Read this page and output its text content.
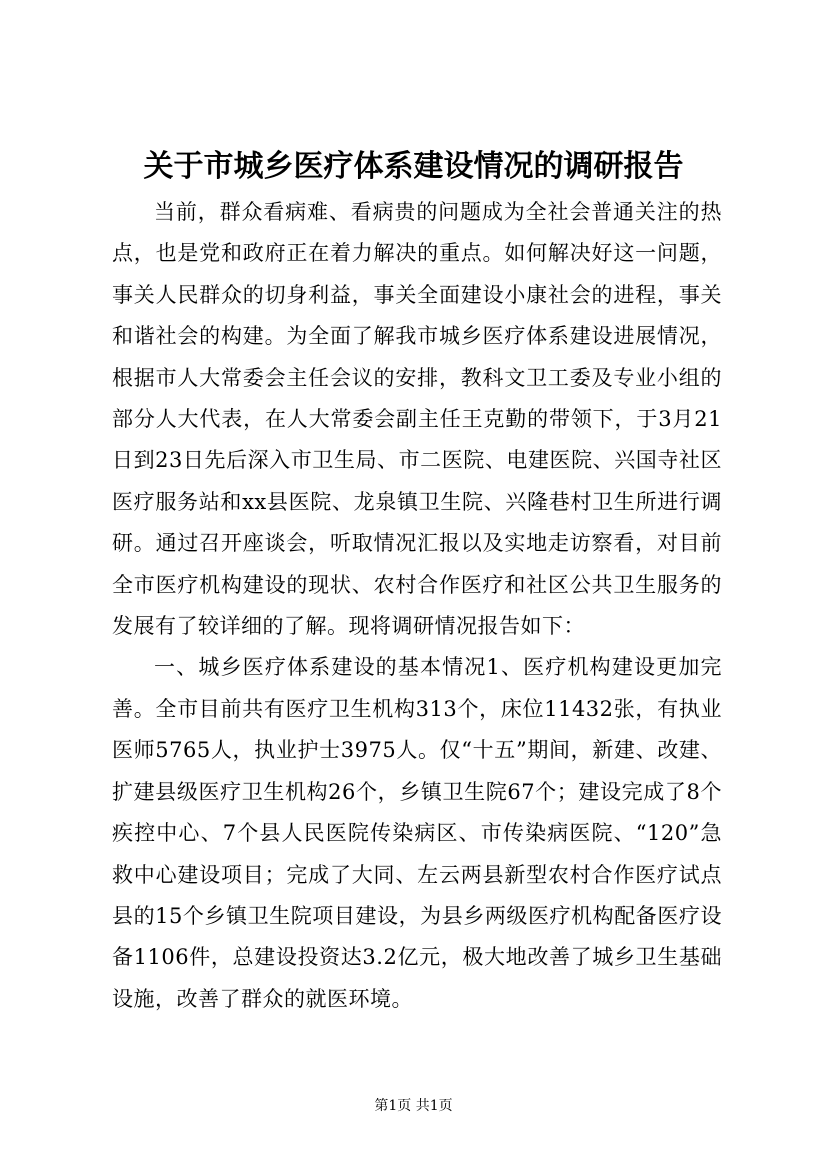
关于市城乡医疗体系建设情况的调研报告

当前，群众看病难、看病贵的问题成为全社会普通关注的热点，也是党和政府正在着力解决的重点。如何解决好这一问题，事关人民群众的切身利益，事关全面建设小康社会的进程，事关和谐社会的构建。为全面了解我市城乡医疗体系建设进展情况，根据市人大常委会主任会议的安排，教科文卫工委及专业小组的部分人大代表，在人大常委会副主任王克勤的带领下，于3月21日到23日先后深入市卫生局、市二医院、电建医院、兴国寺社区医疗服务站和xx县医院、龙泉镇卫生院、兴隆巷村卫生所进行调研。通过召开座谈会，听取情况汇报以及实地走访察看，对目前全市医疗机构建设的现状、农村合作医疗和社区公共卫生服务的发展有了较详细的了解。现将调研情况报告如下：

一、城乡医疗体系建设的基本情况1、医疗机构建设更加完善。全市目前共有医疗卫生机构313个，床位11432张，有执业医师5765人，执业护士3975人。仅“十五”期间，新建、改建、扩建县级医疗卫生机构26个，乡镇卫生院67个；建设完成了8个疾控中心、7个县人民医院传染病区、市传染病医院、“120”急救中心建设项目；完成了大同、左云两县新型农村合作医疗试点县的15个乡镇卫生院项目建设，为县乡两级医疗机构配备医疗设备1106件，总建设投资达3.2亿元，极大地改善了城乡卫生基础设施，改善了群众的就医环境。

第1页 共1页
